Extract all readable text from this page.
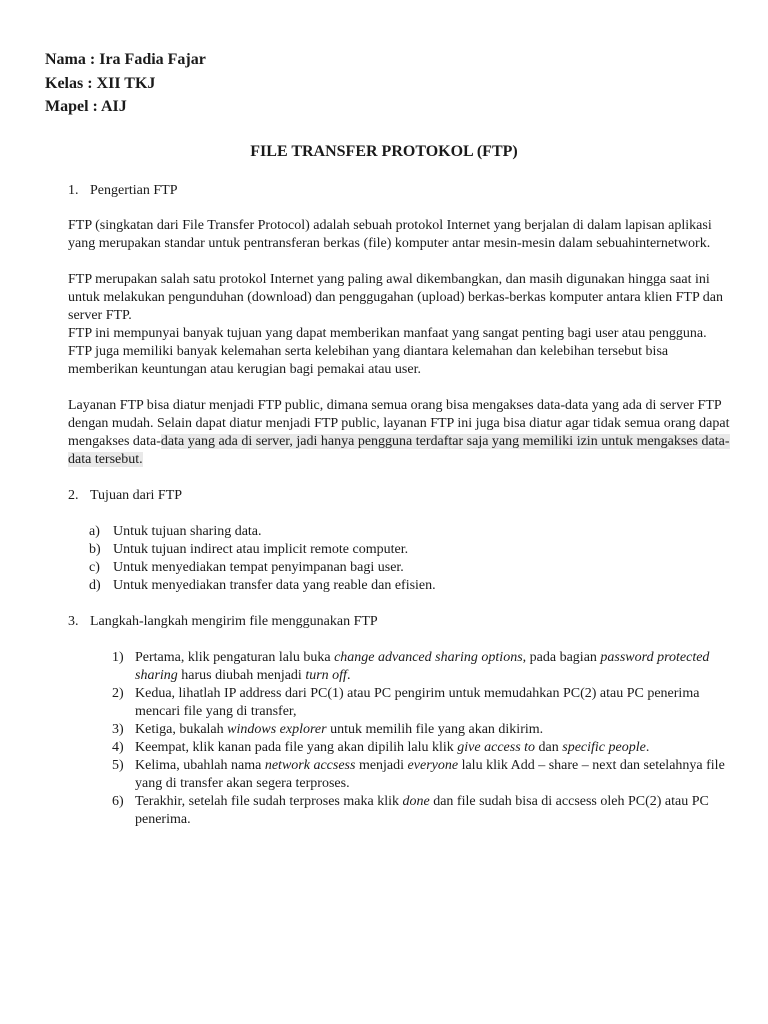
Nama : Ira Fadia Fajar
Kelas : XII TKJ
Mapel : AIJ
FILE TRANSFER PROTOKOL (FTP)
1. Pengertian FTP

FTP (singkatan dari File Transfer Protocol) adalah sebuah protokol Internet yang berjalan di dalam lapisan aplikasi yang merupakan standar untuk pentransferan berkas (file) komputer antar mesin-mesin dalam sebuahinternetwork.

FTP merupakan salah satu protokol Internet yang paling awal dikembangkan, dan masih digunakan hingga saat ini untuk melakukan pengunduhan (download) dan penggugahan (upload) berkas-berkas komputer antara klien FTP dan server FTP.

FTP ini mempunyai banyak tujuan yang dapat memberikan manfaat yang sangat penting bagi user atau pengguna. FTP juga memiliki banyak kelemahan serta kelebihan yang diantara kelemahan dan kelebihan tersebut bisa memberikan keuntungan atau kerugian bagi pemakai atau user.

Layanan FTP bisa diatur menjadi FTP public, dimana semua orang bisa mengakses data-data yang ada di server FTP dengan mudah. Selain dapat diatur menjadi FTP public, layanan FTP ini juga bisa diatur agar tidak semua orang dapat mengakses data-data yang ada di server, jadi hanya pengguna terdaftar saja yang memiliki izin untuk mengakses data-data tersebut.

2. Tujuan dari FTP
a) Untuk tujuan sharing data.
b) Untuk tujuan indirect atau implicit remote computer.
c) Untuk menyediakan tempat penyimpanan bagi user.
d) Untuk menyediakan transfer data yang reable dan efisien.
3. Langkah-langkah mengirim file menggunakan FTP
1) Pertama, klik pengaturan lalu buka change advanced sharing options, pada bagian password protected sharing harus diubah menjadi turn off.
2) Kedua, lihatlah IP address dari PC(1) atau PC pengirim untuk memudahkan PC(2) atau PC penerima mencari file yang di transfer,
3) Ketiga, bukalah windows explorer untuk memilih file yang akan dikirim.
4) Keempat, klik kanan pada file yang akan dipilih lalu klik give access to dan specific people.
5) Kelima, ubahlah nama network accsess menjadi everyone lalu klik Add – share – next dan setelahnya file yang di transfer akan segera terproses.
6) Terakhir, setelah file sudah terproses maka klik done dan file sudah bisa di accsess oleh PC(2) atau PC penerima.
